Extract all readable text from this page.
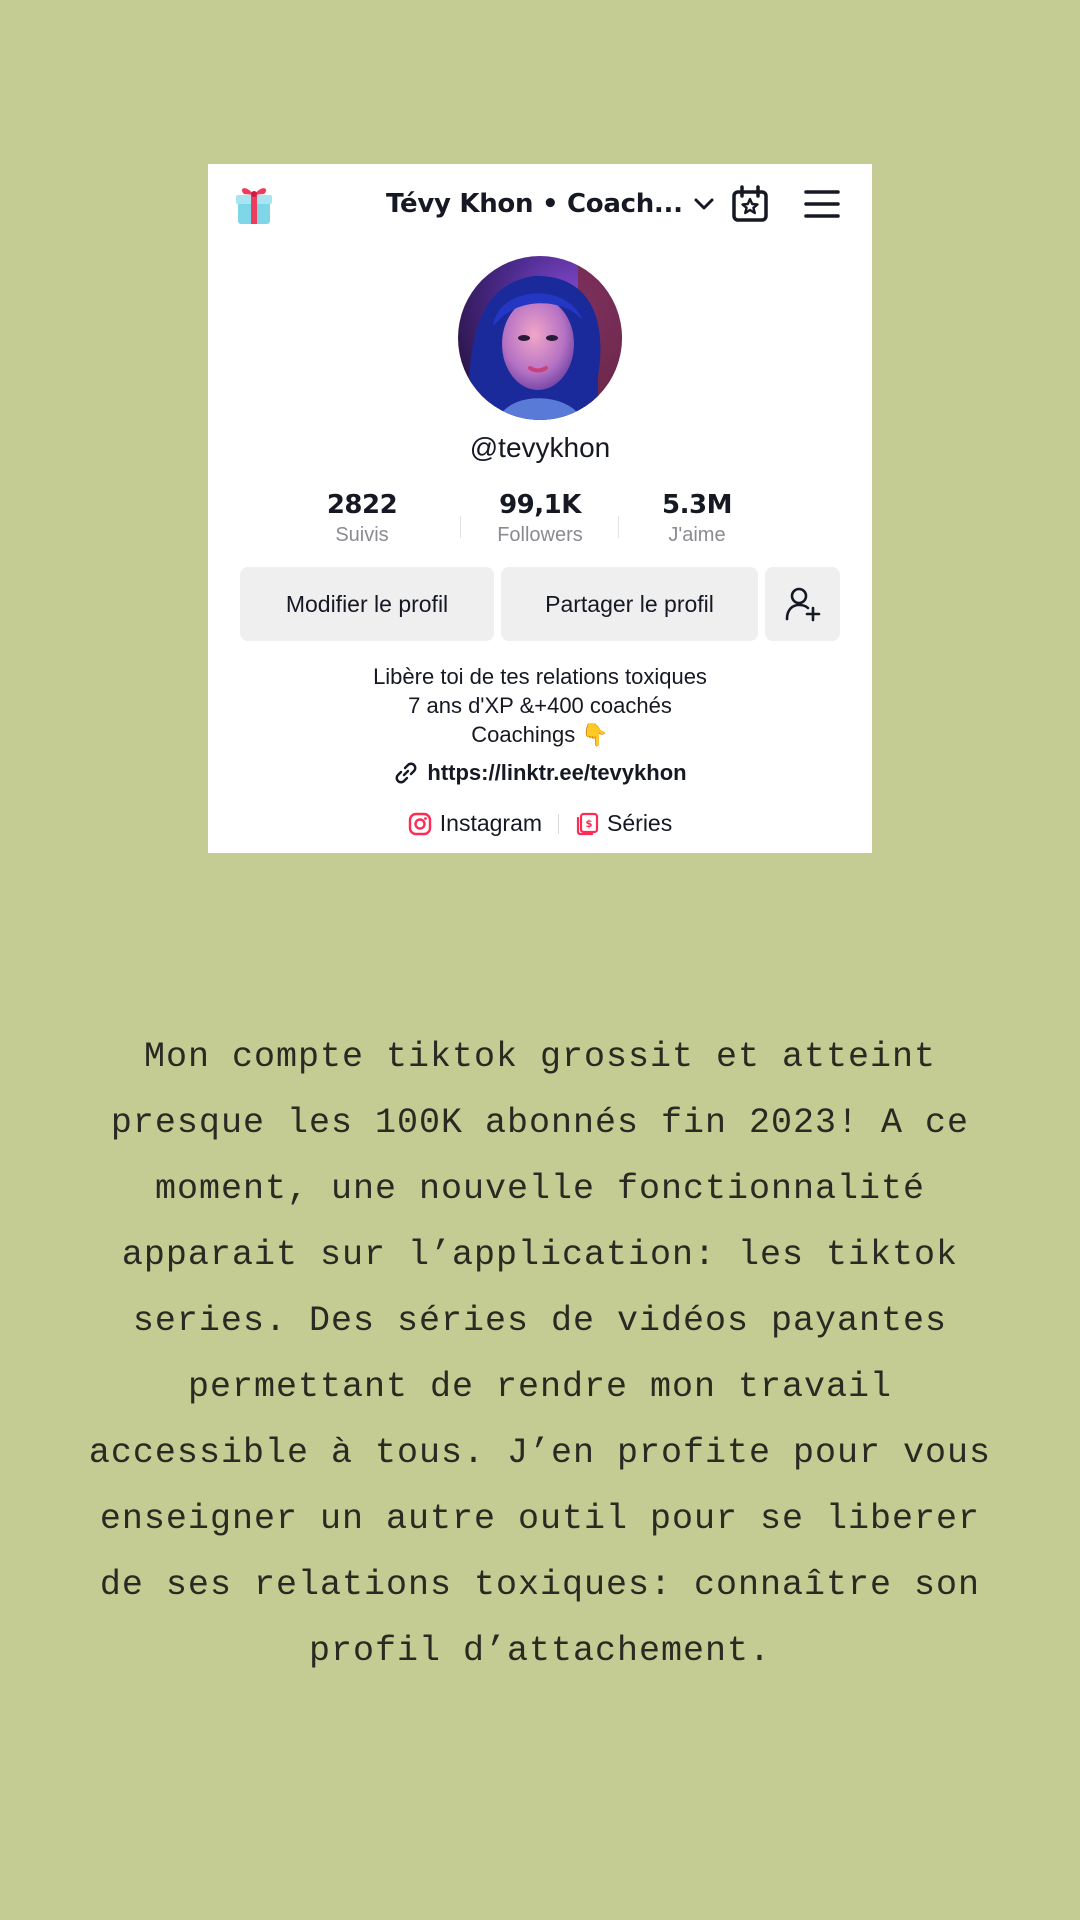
Tévy Khon • Coach...
@tevykhon
2822
Suivis
99,1K
Followers
5.3M
J'aime
Modifier le profil	Partager le profil
Libère toi de tes relations toxiques
7 ans d'XP &+400 coachés
Coachings 👇
https://linktr.ee/tevykhon
Instagram	$ Séries
Mon compte tiktok grossit et atteint presque les 100K abonnés fin 2023! A ce moment, une nouvelle fonctionnalité apparait sur l’application: les tiktok series. Des séries de vidéos payantes permettant de rendre mon travail accessible à tous. J’en profite pour vous enseigner un autre outil pour se liberer de ses relations toxiques: connaître son profil d’attachement.
